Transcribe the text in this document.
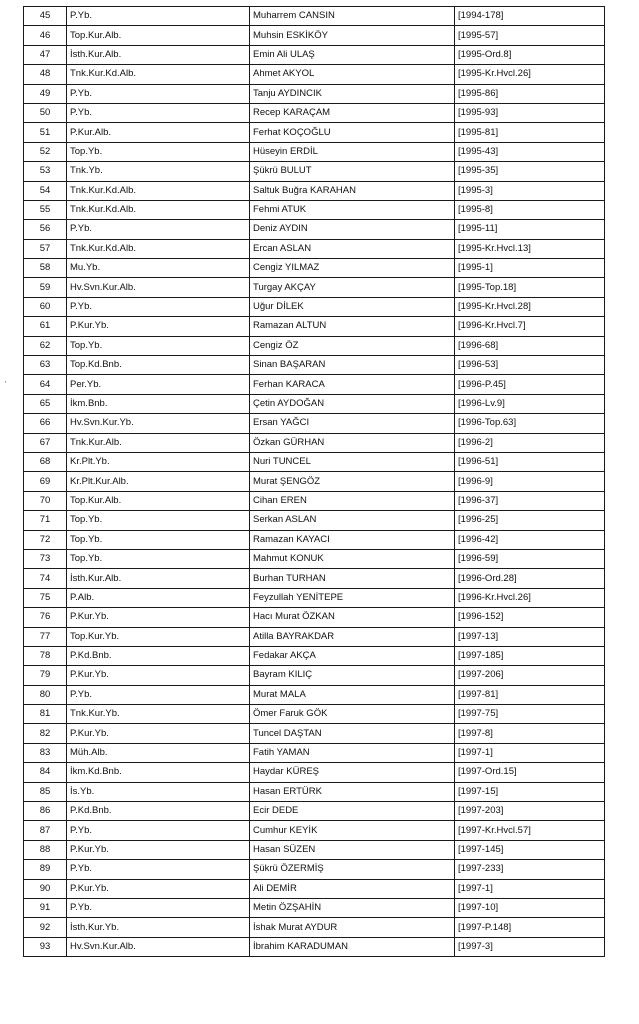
'
45	P.Yb.	Muharrem CANSIN	[1994-178]
46	Top.Kur.Alb.	Muhsin ESKİKÖY	[1995-57]
47	İsth.Kur.Alb.	Emin Ali ULAŞ	[1995-Ord.8]
48	Tnk.Kur.Kd.Alb.	Ahmet AKYOL	[1995-Kr.Hvcl.26]
49	P.Yb.	Tanju AYDINCIK	[1995-86]
50	P.Yb.	Recep KARAÇAM	[1995-93]
51	P.Kur.Alb.	Ferhat KOÇOĞLU	[1995-81]
52	Top.Yb.	Hüseyin ERDİL	[1995-43]
53	Tnk.Yb.	Şükrü BULUT	[1995-35]
54	Tnk.Kur.Kd.Alb.	Saltuk Buğra KARAHAN	[1995-3]
55	Tnk.Kur.Kd.Alb.	Fehmi ATUK	[1995-8]
56	P.Yb.	Deniz AYDIN	[1995-11]
57	Tnk.Kur.Kd.Alb.	Ercan ASLAN	[1995-Kr.Hvcl.13]
58	Mu.Yb.	Cengiz YILMAZ	[1995-1]
59	Hv.Svn.Kur.Alb.	Turgay AKÇAY	[1995-Top.18]
60	P.Yb.	Uğur DİLEK	[1995-Kr.Hvcl.28]
61	P.Kur.Yb.	Ramazan ALTUN	[1996-Kr.Hvcl.7]
62	Top.Yb.	Cengiz ÖZ	[1996-68]
63	Top.Kd.Bnb.	Sinan BAŞARAN	[1996-53]
64	Per.Yb.	Ferhan KARACA	[1996-P.45]
65	İkm.Bnb.	Çetin AYDOĞAN	[1996-Lv.9]
66	Hv.Svn.Kur.Yb.	Ersan YAĞCI	[1996-Top.63]
67	Tnk.Kur.Alb.	Özkan GÜRHAN	[1996-2]
68	Kr.Plt.Yb.	Nuri TUNCEL	[1996-51]
69	Kr.Plt.Kur.Alb.	Murat ŞENGÖZ	[1996-9]
70	Top.Kur.Alb.	Cihan EREN	[1996-37]
71	Top.Yb.	Serkan ASLAN	[1996-25]
72	Top.Yb.	Ramazan KAYACI	[1996-42]
73	Top.Yb.	Mahmut KONUK	[1996-59]
74	İsth.Kur.Alb.	Burhan TURHAN	[1996-Ord.28]
75	P.Alb.	Feyzullah YENİTEPE	[1996-Kr.Hvcl.26]
76	P.Kur.Yb.	Hacı Murat ÖZKAN	[1996-152]
77	Top.Kur.Yb.	Atilla BAYRAKDAR	[1997-13]
78	P.Kd.Bnb.	Fedakar AKÇA	[1997-185]
79	P.Kur.Yb.	Bayram KILIÇ	[1997-206]
80	P.Yb.	Murat MALA	[1997-81]
81	Tnk.Kur.Yb.	Ömer Faruk GÖK	[1997-75]
82	P.Kur.Yb.	Tuncel DAŞTAN	[1997-8]
83	Müh.Alb.	Fatih YAMAN	[1997-1]
84	İkm.Kd.Bnb.	Haydar KÜREŞ	[1997-Ord.15]
85	İs.Yb.	Hasan ERTÜRK	[1997-15]
86	P.Kd.Bnb.	Ecir DEDE	[1997-203]
87	P.Yb.	Cumhur KEYİK	[1997-Kr.Hvcl.57]
88	P.Kur.Yb.	Hasan SÜZEN	[1997-145]
89	P.Yb.	Şükrü ÖZERMİŞ	[1997-233]
90	P.Kur.Yb.	Ali DEMİR	[1997-1]
91	P.Yb.	Metin ÖZŞAHİN	[1997-10]
92	İsth.Kur.Yb.	İshak Murat AYDUR	[1997-P.148]
93	Hv.Svn.Kur.Alb.	İbrahim KARADUMAN	[1997-3]
